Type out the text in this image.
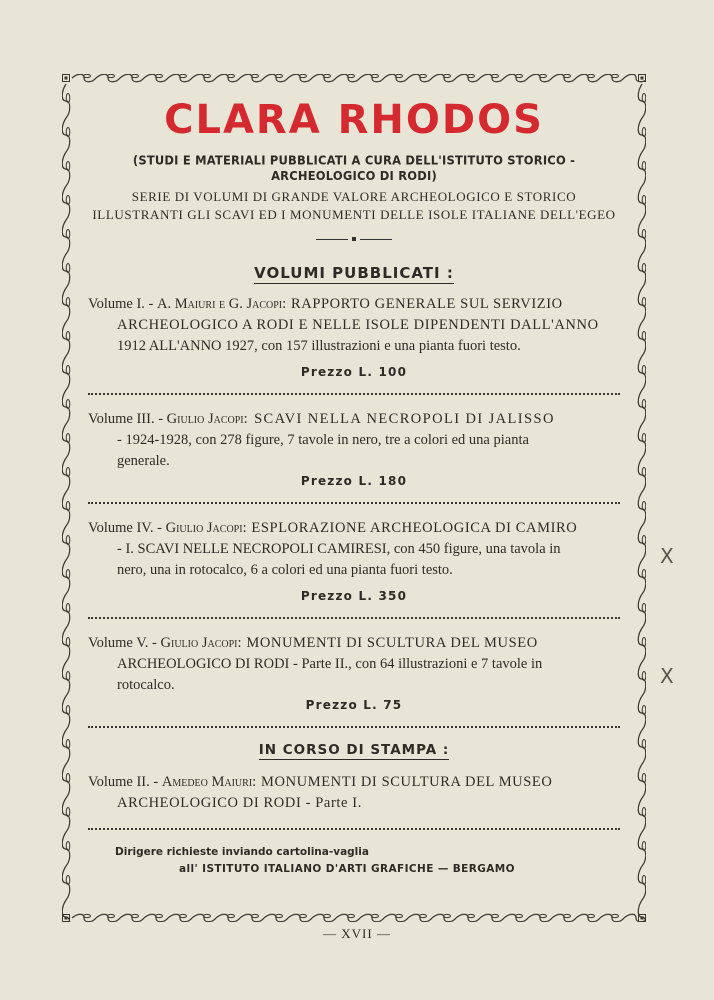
CLARA RHODOS
(STUDI E MATERIALI PUBBLICATI A CURA DELL'ISTITUTO STORICO - ARCHEOLOGICO DI RODI)
SERIE DI VOLUMI DI GRANDE VALORE ARCHEOLOGICO E STORICO
ILLUSTRANTI GLI SCAVI ED I MONUMENTI DELLE ISOLE ITALIANE DELL'EGEO
VOLUMI PUBBLICATI :

Volume I. - A. Maiuri e G. Jacopi: RAPPORTO GENERALE SUL SERVIZIO
ARCHEOLOGICO A RODI E NELLE ISOLE DIPENDENTI DALL'ANNO
1912 ALL'ANNO 1927, con 157 illustrazioni e una pianta fuori testo.

Prezzo L. 100

Volume III. - Giulio Jacopi: SCAVI NELLA NECROPOLI DI JALISSO
- 1924-1928, con 278 figure, 7 tavole in nero, tre a colori ed una pianta
generale.

Prezzo L. 180

Volume IV. - Giulio Jacopi: ESPLORAZIONE ARCHEOLOGICA DI CAMIRO
- I. SCAVI NELLE NECROPOLI CAMIRESI, con 450 figure, una tavola in
nero, una in rotocalco, 6 a colori ed una pianta fuori testo.

Prezzo L. 350

Volume V. - Giulio Jacopi: MONUMENTI DI SCULTURA DEL MUSEO
ARCHEOLOGICO DI RODI - Parte II., con 64 illustrazioni e 7 tavole in
rotocalco.

Prezzo L. 75
IN CORSO DI STAMPA :

Volume II. - Amedeo Maiuri: MONUMENTI DI SCULTURA DEL MUSEO
ARCHEOLOGICO DI RODI - Parte I.

Dirigere richieste inviando cartolina-vaglia
all' ISTITUTO ITALIANO D'ARTI GRAFICHE — BERGAMO
— XVII —
X
X
